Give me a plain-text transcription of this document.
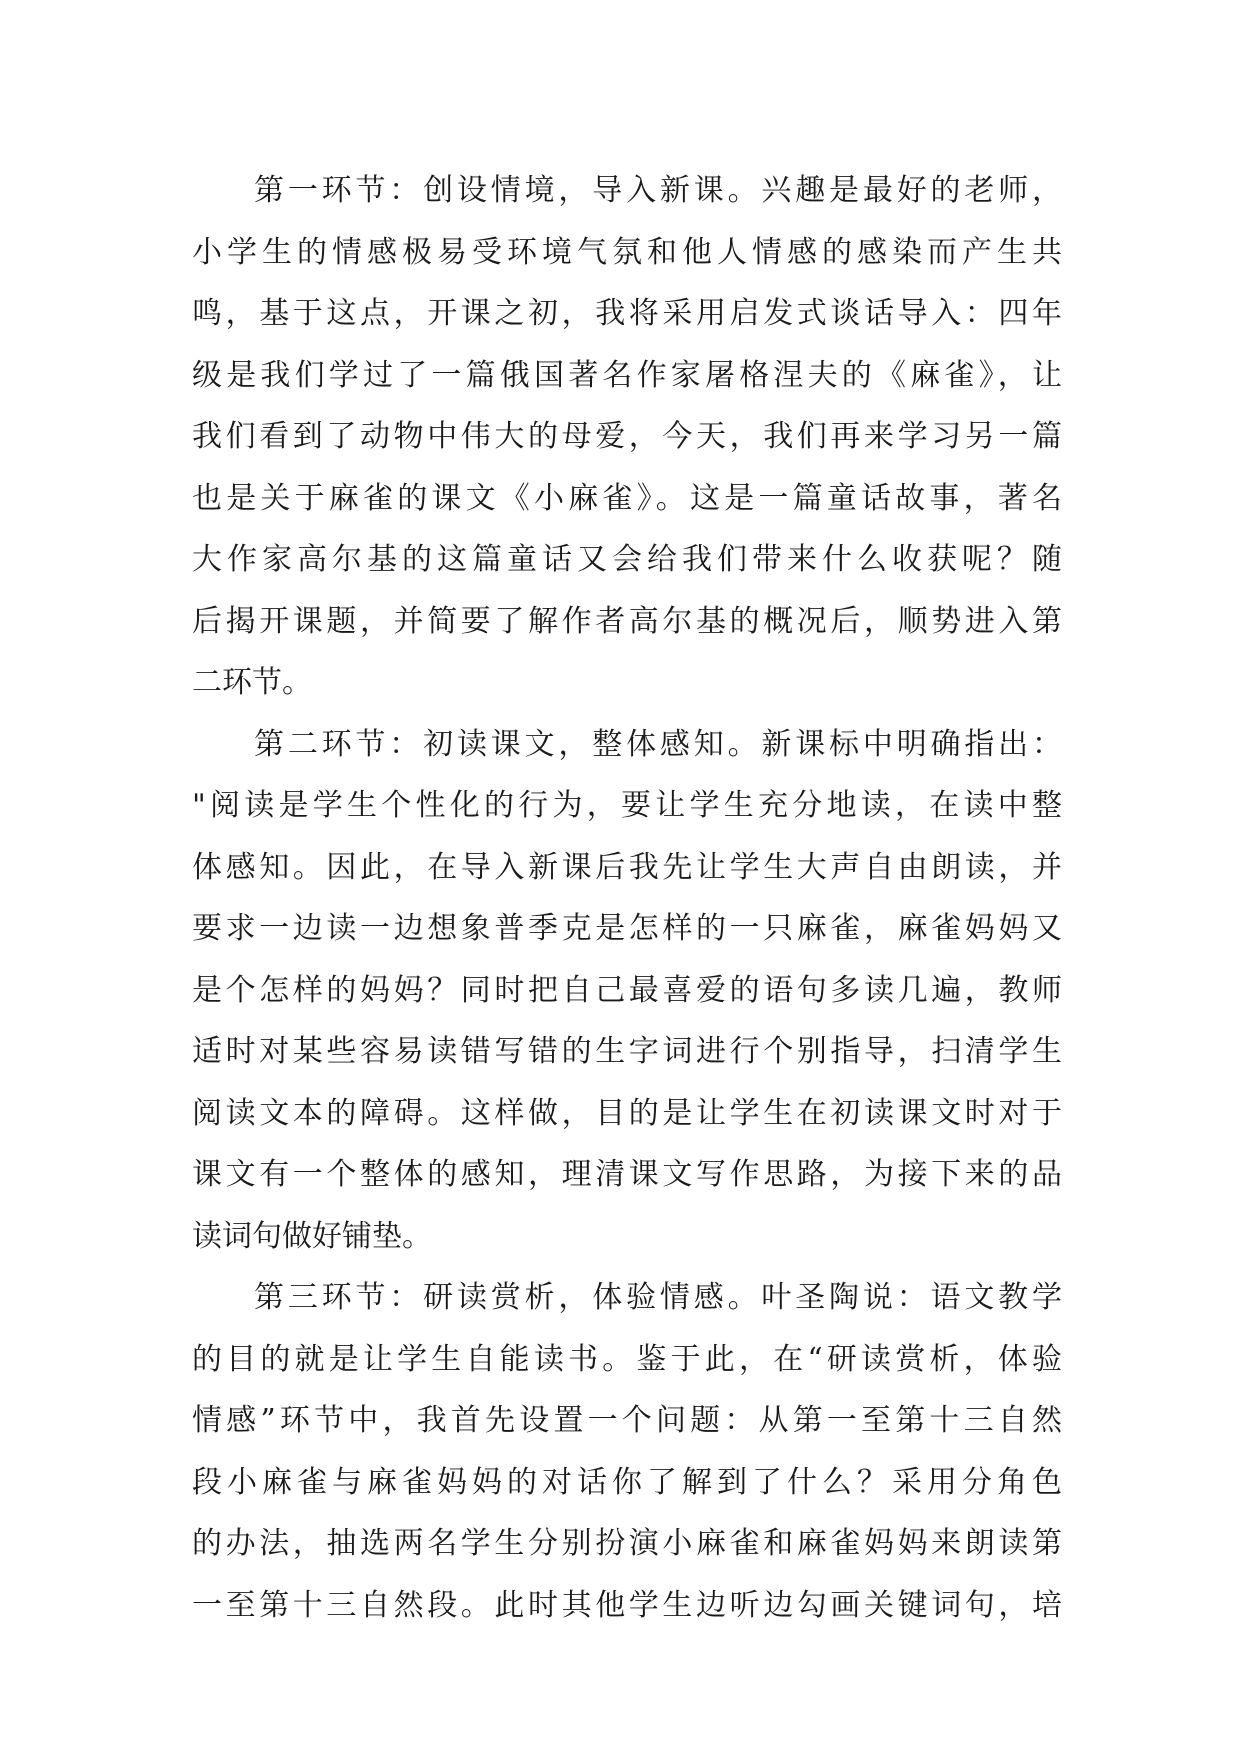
第一环节：创设情境，导入新课。兴趣是最好的老师，
小学生的情感极易受环境气氛和他人情感的感染而产生共
鸣，基于这点，开课之初，我将采用启发式谈话导入：四年
级是我们学过了一篇俄国著名作家屠格涅夫的《麻雀》，让
我们看到了动物中伟大的母爱，今天，我们再来学习另一篇
也是关于麻雀的课文《小麻雀》。这是一篇童话故事，著名
大作家高尔基的这篇童话又会给我们带来什么收获呢？随
后揭开课题，并简要了解作者高尔基的概况后，顺势进入第
二环节。
第二环节：初读课文，整体感知。新课标中明确指出：
"阅读是学生个性化的行为，要让学生充分地读，在读中整
体感知。因此，在导入新课后我先让学生大声自由朗读，并
要求一边读一边想象普季克是怎样的一只麻雀，麻雀妈妈又
是个怎样的妈妈？同时把自己最喜爱的语句多读几遍，教师
适时对某些容易读错写错的生字词进行个别指导，扫清学生
阅读文本的障碍。这样做，目的是让学生在初读课文时对于
课文有一个整体的感知，理清课文写作思路，为接下来的品
读词句做好铺垫。
第三环节：研读赏析，体验情感。叶圣陶说：语文教学
的目的就是让学生自能读书。鉴于此，在“研读赏析，体验
情感”环节中，我首先设置一个问题：从第一至第十三自然
段小麻雀与麻雀妈妈的对话你了解到了什么？采用分角色
的办法，抽选两名学生分别扮演小麻雀和麻雀妈妈来朗读第
一至第十三自然段。此时其他学生边听边勾画关键词句，培
